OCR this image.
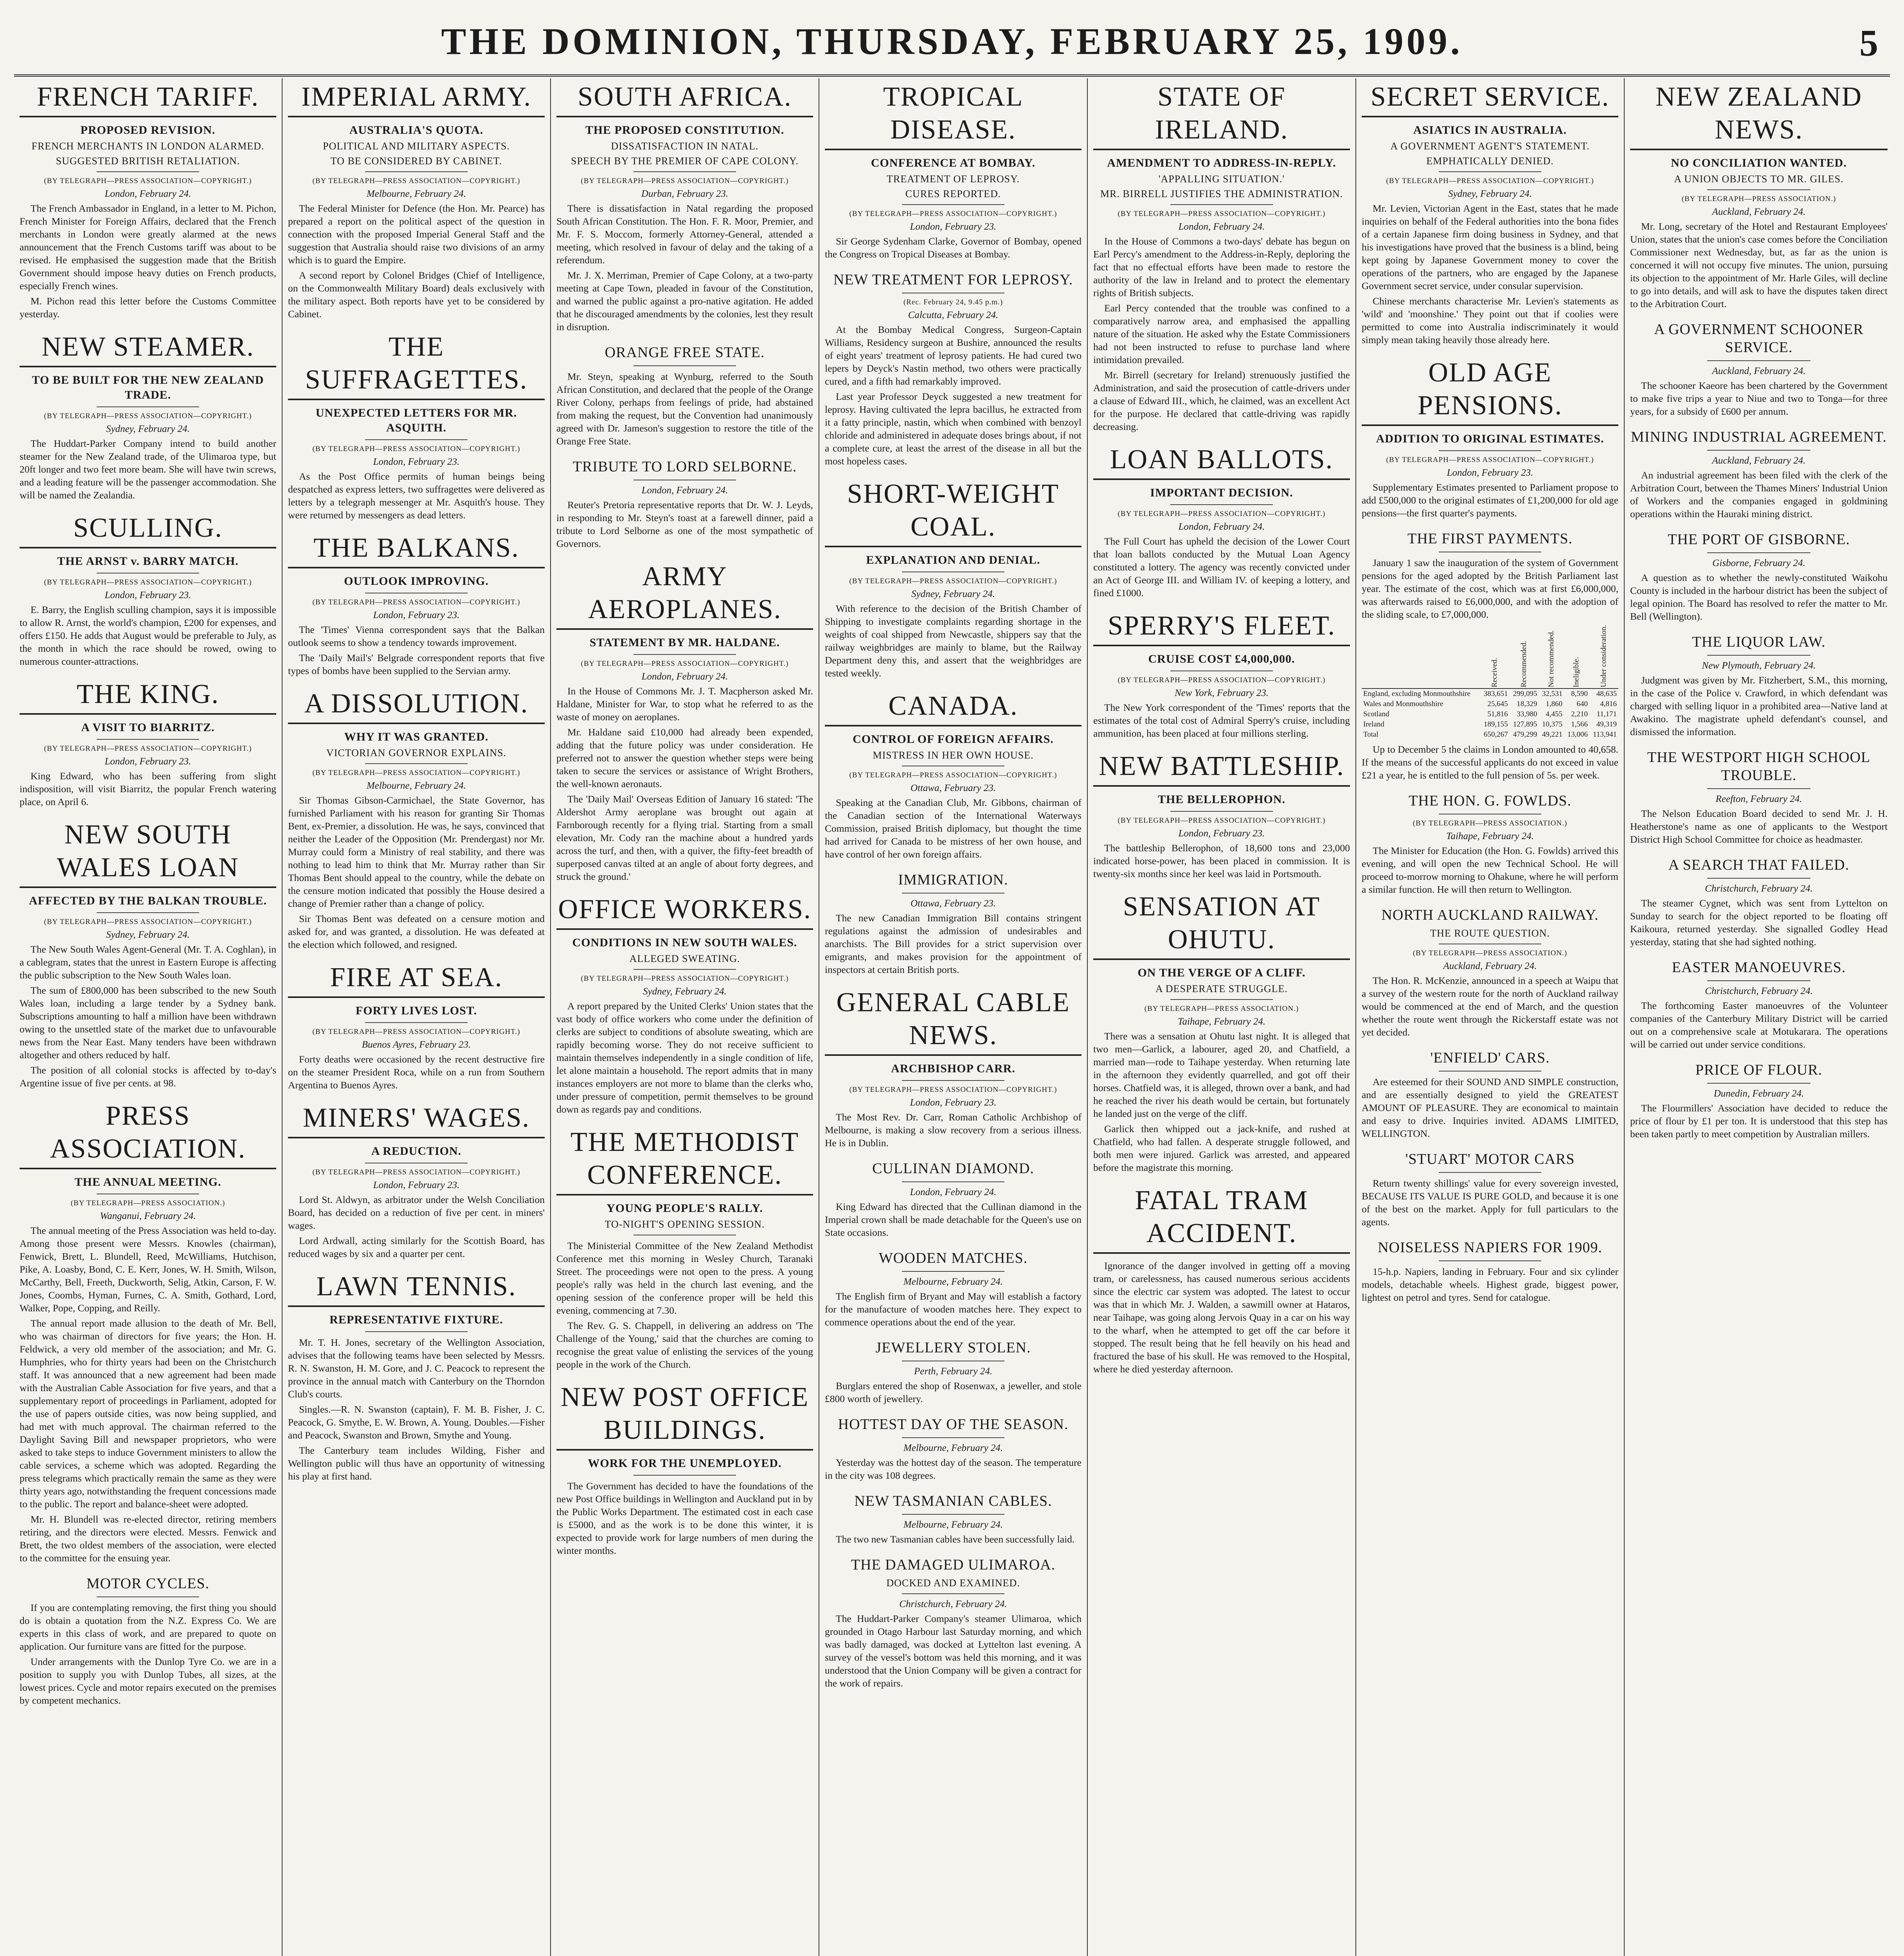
THE DOMINION, THURSDAY, FEBRUARY 25, 1909.	5
FRENCH TARIFF.
PROPOSED REVISION.
FRENCH MERCHANTS IN LONDON ALARMED.
SUGGESTED BRITISH RETALIATION.
(BY TELEGRAPH—PRESS ASSOCIATION—COPYRIGHT.)
London, February 24.

The French Ambassador in England, in a letter to M. Pichon, French Minister for Foreign Affairs, declared that the French merchants in London were greatly alarmed at the news announcement that the French Customs tariff was about to be revised. He emphasised the suggestion made that the British Government should impose heavy duties on French products, especially French wines.

M. Pichon read this letter before the Customs Committee yesterday.

NEW STEAMER.
TO BE BUILT FOR THE NEW ZEALAND TRADE.
(BY TELEGRAPH—PRESS ASSOCIATION—COPYRIGHT.)
Sydney, February 24.

The Huddart-Parker Company intend to build another steamer for the New Zealand trade, of the Ulimaroa type, but 20ft longer and two feet more beam. She will have twin screws, and a leading feature will be the passenger accommodation. She will be named the Zealandia.

SCULLING.
THE ARNST v. BARRY MATCH.
(BY TELEGRAPH—PRESS ASSOCIATION—COPYRIGHT.)
London, February 23.

E. Barry, the English sculling champion, says it is impossible to allow R. Arnst, the world's champion, £200 for expenses, and offers £150. He adds that August would be preferable to July, as the month in which the race should be rowed, owing to numerous counter-attractions.

THE KING.
A VISIT TO BIARRITZ.
(BY TELEGRAPH—PRESS ASSOCIATION—COPYRIGHT.)
London, February 23.

King Edward, who has been suffering from slight indisposition, will visit Biarritz, the popular French watering place, on April 6.

NEW SOUTH WALES LOAN
AFFECTED BY THE BALKAN TROUBLE.
(BY TELEGRAPH—PRESS ASSOCIATION—COPYRIGHT.)
Sydney, February 24.

The New South Wales Agent-General (Mr. T. A. Coghlan), in a cablegram, states that the unrest in Eastern Europe is affecting the public subscription to the New South Wales loan.

The sum of £800,000 has been subscribed to the new South Wales loan, including a large tender by a Sydney bank. Subscriptions amounting to half a million have been withdrawn owing to the unsettled state of the market due to unfavourable news from the Near East. Many tenders have been withdrawn altogether and others reduced by half.

The position of all colonial stocks is affected by to-day's Argentine issue of five per cents. at 98.

PRESS ASSOCIATION.
THE ANNUAL MEETING.
(BY TELEGRAPH—PRESS ASSOCIATION.)
Wanganui, February 24.

The annual meeting of the Press Association was held to-day. Among those present were Messrs. Knowles (chairman), Fenwick, Brett, L. Blundell, Reed, McWilliams, Hutchison, Pike, A. Loasby, Bond, C. E. Kerr, Jones, W. H. Smith, Wilson, McCarthy, Bell, Freeth, Duckworth, Selig, Atkin, Carson, F. W. Jones, Coombs, Hyman, Furnes, C. A. Smith, Gothard, Lord, Walker, Pope, Copping, and Reilly.

The annual report made allusion to the death of Mr. Bell, who was chairman of directors for five years; the Hon. H. Feldwick, a very old member of the association; and Mr. G. Humphries, who for thirty years had been on the Christchurch staff. It was announced that a new agreement had been made with the Australian Cable Association for five years, and that a supplementary report of proceedings in Parliament, adopted for the use of papers outside cities, was now being supplied, and had met with much approval. The chairman referred to the Daylight Saving Bill and newspaper proprietors, who were asked to take steps to induce Government ministers to allow the cable services, a scheme which was adopted. Regarding the press telegrams which practically remain the same as they were thirty years ago, notwithstanding the frequent concessions made to the public. The report and balance-sheet were adopted.

Mr. H. Blundell was re-elected director, retiring members retiring, and the directors were elected. Messrs. Fenwick and Brett, the two oldest members of the association, were elected to the committee for the ensuing year.

MOTOR CYCLES.

If you are contemplating removing, the first thing you should do is obtain a quotation from the N.Z. Express Co. We are experts in this class of work, and are prepared to quote on application. Our furniture vans are fitted for the purpose.

Under arrangements with the Dunlop Tyre Co. we are in a position to supply you with Dunlop Tubes, all sizes, at the lowest prices. Cycle and motor repairs executed on the premises by competent mechanics.

IMPERIAL ARMY.
AUSTRALIA'S QUOTA.
POLITICAL AND MILITARY ASPECTS.
TO BE CONSIDERED BY CABINET.
(BY TELEGRAPH—PRESS ASSOCIATION—COPYRIGHT.)
Melbourne, February 24.

The Federal Minister for Defence (the Hon. Mr. Pearce) has prepared a report on the political aspect of the question in connection with the proposed Imperial General Staff and the suggestion that Australia should raise two divisions of an army which is to guard the Empire.

A second report by Colonel Bridges (Chief of Intelligence, on the Commonwealth Military Board) deals exclusively with the military aspect. Both reports have yet to be considered by Cabinet.

THE SUFFRAGETTES.
UNEXPECTED LETTERS FOR MR. ASQUITH.
(BY TELEGRAPH—PRESS ASSOCIATION—COPYRIGHT.)
London, February 23.

As the Post Office permits of human beings being despatched as express letters, two suffragettes were delivered as letters by a telegraph messenger at Mr. Asquith's house. They were returned by messengers as dead letters.

THE BALKANS.
OUTLOOK IMPROVING.
(BY TELEGRAPH—PRESS ASSOCIATION—COPYRIGHT.)
London, February 23.

The 'Times' Vienna correspondent says that the Balkan outlook seems to show a tendency towards improvement.

The 'Daily Mail's' Belgrade correspondent reports that five types of bombs have been supplied to the Servian army.

A DISSOLUTION.
WHY IT WAS GRANTED.
VICTORIAN GOVERNOR EXPLAINS.
(BY TELEGRAPH—PRESS ASSOCIATION—COPYRIGHT.)
Melbourne, February 24.

Sir Thomas Gibson-Carmichael, the State Governor, has furnished Parliament with his reason for granting Sir Thomas Bent, ex-Premier, a dissolution. He was, he says, convinced that neither the Leader of the Opposition (Mr. Prendergast) nor Mr. Murray could form a Ministry of real stability, and there was nothing to lead him to think that Mr. Murray rather than Sir Thomas Bent should appeal to the country, while the debate on the censure motion indicated that possibly the House desired a change of Premier rather than a change of policy.

Sir Thomas Bent was defeated on a censure motion and asked for, and was granted, a dissolution. He was defeated at the election which followed, and resigned.

FIRE AT SEA.
FORTY LIVES LOST.
(BY TELEGRAPH—PRESS ASSOCIATION—COPYRIGHT.)
Buenos Ayres, February 23.

Forty deaths were occasioned by the recent destructive fire on the steamer President Roca, while on a run from Southern Argentina to Buenos Ayres.

MINERS' WAGES.
A REDUCTION.
(BY TELEGRAPH—PRESS ASSOCIATION—COPYRIGHT.)
London, February 23.

Lord St. Aldwyn, as arbitrator under the Welsh Conciliation Board, has decided on a reduction of five per cent. in miners' wages.

Lord Ardwall, acting similarly for the Scottish Board, has reduced wages by six and a quarter per cent.

LAWN TENNIS.
REPRESENTATIVE FIXTURE.

Mr. T. H. Jones, secretary of the Wellington Association, advises that the following teams have been selected by Messrs. R. N. Swanston, H. M. Gore, and J. C. Peacock to represent the province in the annual match with Canterbury on the Thorndon Club's courts.

Singles.—R. N. Swanston (captain), F. M. B. Fisher, J. C. Peacock, G. Smythe, E. W. Brown, A. Young. Doubles.—Fisher and Peacock, Swanston and Brown, Smythe and Young.

The Canterbury team includes Wilding, Fisher and Wellington public will thus have an opportunity of witnessing his play at first hand.

SOUTH AFRICA.
THE PROPOSED CONSTITUTION.
DISSATISFACTION IN NATAL.
SPEECH BY THE PREMIER OF CAPE COLONY.
(BY TELEGRAPH—PRESS ASSOCIATION—COPYRIGHT.)
Durban, February 23.

There is dissatisfaction in Natal regarding the proposed South African Constitution. The Hon. F. R. Moor, Premier, and Mr. F. S. Moccom, formerly Attorney-General, attended a meeting, which resolved in favour of delay and the taking of a referendum.

Mr. J. X. Merriman, Premier of Cape Colony, at a two-party meeting at Cape Town, pleaded in favour of the Constitution, and warned the public against a pro-native agitation. He added that he discouraged amendments by the colonies, lest they result in disruption.

ORANGE FREE STATE.

Mr. Steyn, speaking at Wynburg, referred to the South African Constitution, and declared that the people of the Orange River Colony, perhaps from feelings of pride, had abstained from making the request, but the Convention had unanimously agreed with Dr. Jameson's suggestion to restore the title of the Orange Free State.

TRIBUTE TO LORD SELBORNE.
London, February 24.

Reuter's Pretoria representative reports that Dr. W. J. Leyds, in responding to Mr. Steyn's toast at a farewell dinner, paid a tribute to Lord Selborne as one of the most sympathetic of Governors.

ARMY AEROPLANES.
STATEMENT BY MR. HALDANE.
(BY TELEGRAPH—PRESS ASSOCIATION—COPYRIGHT.)
London, February 24.

In the House of Commons Mr. J. T. Macpherson asked Mr. Haldane, Minister for War, to stop what he referred to as the waste of money on aeroplanes.

Mr. Haldane said £10,000 had already been expended, adding that the future policy was under consideration. He preferred not to answer the question whether steps were being taken to secure the services or assistance of Wright Brothers, the well-known aeronauts.

The 'Daily Mail' Overseas Edition of January 16 stated: 'The Aldershot Army aeroplane was brought out again at Farnborough recently for a flying trial. Starting from a small elevation, Mr. Cody ran the machine about a hundred yards across the turf, and then, with a quiver, the fifty-feet breadth of superposed canvas tilted at an angle of about forty degrees, and struck the ground.'

OFFICE WORKERS.
CONDITIONS IN NEW SOUTH WALES.
ALLEGED SWEATING.
(BY TELEGRAPH—PRESS ASSOCIATION—COPYRIGHT.)
Sydney, February 24.

A report prepared by the United Clerks' Union states that the vast body of office workers who come under the definition of clerks are subject to conditions of absolute sweating, which are rapidly becoming worse. They do not receive sufficient to maintain themselves independently in a single condition of life, let alone maintain a household. The report admits that in many instances employers are not more to blame than the clerks who, under pressure of competition, permit themselves to be ground down as regards pay and conditions.

THE METHODIST CONFERENCE.
YOUNG PEOPLE'S RALLY.
TO-NIGHT'S OPENING SESSION.

The Ministerial Committee of the New Zealand Methodist Conference met this morning in Wesley Church, Taranaki Street. The proceedings were not open to the press. A young people's rally was held in the church last evening, and the opening session of the conference proper will be held this evening, commencing at 7.30.

The Rev. G. S. Chappell, in delivering an address on 'The Challenge of the Young,' said that the churches are coming to recognise the great value of enlisting the services of the young people in the work of the Church.

NEW POST OFFICE BUILDINGS.
WORK FOR THE UNEMPLOYED.

The Government has decided to have the foundations of the new Post Office buildings in Wellington and Auckland put in by the Public Works Department. The estimated cost in each case is £5000, and as the work is to be done this winter, it is expected to provide work for large numbers of men during the winter months.

TROPICAL DISEASE.
CONFERENCE AT BOMBAY.
TREATMENT OF LEPROSY.
CURES REPORTED.
(BY TELEGRAPH—PRESS ASSOCIATION—COPYRIGHT.)
London, February 23.

Sir George Sydenham Clarke, Governor of Bombay, opened the Congress on Tropical Diseases at Bombay.

NEW TREATMENT FOR LEPROSY.
(Rec. February 24, 9.45 p.m.)
Calcutta, February 24.

At the Bombay Medical Congress, Surgeon-Captain Williams, Residency surgeon at Bushire, announced the results of eight years' treatment of leprosy patients. He had cured two lepers by Deyck's Nastin method, two others were practically cured, and a fifth had remarkably improved.

Last year Professor Deyck suggested a new treatment for leprosy. Having cultivated the lepra bacillus, he extracted from it a fatty principle, nastin, which when combined with benzoyl chloride and administered in adequate doses brings about, if not a complete cure, at least the arrest of the disease in all but the most hopeless cases.

SHORT-WEIGHT COAL.
EXPLANATION AND DENIAL.
(BY TELEGRAPH—PRESS ASSOCIATION—COPYRIGHT.)
Sydney, February 24.

With reference to the decision of the British Chamber of Shipping to investigate complaints regarding shortage in the weights of coal shipped from Newcastle, shippers say that the railway weighbridges are mainly to blame, but the Railway Department deny this, and assert that the weighbridges are tested weekly.

CANADA.
CONTROL OF FOREIGN AFFAIRS.
MISTRESS IN HER OWN HOUSE.
(BY TELEGRAPH—PRESS ASSOCIATION—COPYRIGHT.)
Ottawa, February 23.

Speaking at the Canadian Club, Mr. Gibbons, chairman of the Canadian section of the International Waterways Commission, praised British diplomacy, but thought the time had arrived for Canada to be mistress of her own house, and have control of her own foreign affairs.

IMMIGRATION.
Ottawa, February 23.

The new Canadian Immigration Bill contains stringent regulations against the admission of undesirables and anarchists. The Bill provides for a strict supervision over emigrants, and makes provision for the appointment of inspectors at certain British ports.

GENERAL CABLE NEWS.
ARCHBISHOP CARR.
(BY TELEGRAPH—PRESS ASSOCIATION—COPYRIGHT.)
London, February 23.

The Most Rev. Dr. Carr, Roman Catholic Archbishop of Melbourne, is making a slow recovery from a serious illness. He is in Dublin.

CULLINAN DIAMOND.
London, February 24.

King Edward has directed that the Cullinan diamond in the Imperial crown shall be made detachable for the Queen's use on State occasions.

WOODEN MATCHES.
Melbourne, February 24.

The English firm of Bryant and May will establish a factory for the manufacture of wooden matches here. They expect to commence operations about the end of the year.

JEWELLERY STOLEN.
Perth, February 24.

Burglars entered the shop of Rosenwax, a jeweller, and stole £800 worth of jewellery.

HOTTEST DAY OF THE SEASON.
Melbourne, February 24.

Yesterday was the hottest day of the season. The temperature in the city was 108 degrees.

NEW TASMANIAN CABLES.
Melbourne, February 24.

The two new Tasmanian cables have been successfully laid.

THE DAMAGED ULIMAROA.
DOCKED AND EXAMINED.
Christchurch, February 24.

The Huddart-Parker Company's steamer Ulimaroa, which grounded in Otago Harbour last Saturday morning, and which was badly damaged, was docked at Lyttelton last evening. A survey of the vessel's bottom was held this morning, and it was understood that the Union Company will be given a contract for the work of repairs.

STATE OF IRELAND.
AMENDMENT TO ADDRESS-IN-REPLY.
'APPALLING SITUATION.'
MR. BIRRELL JUSTIFIES THE ADMINISTRATION.
(BY TELEGRAPH—PRESS ASSOCIATION—COPYRIGHT.)
London, February 24.

In the House of Commons a two-days' debate has begun on Earl Percy's amendment to the Address-in-Reply, deploring the fact that no effectual efforts have been made to restore the authority of the law in Ireland and to protect the elementary rights of British subjects.

Earl Percy contended that the trouble was confined to a comparatively narrow area, and emphasised the appalling nature of the situation. He asked why the Estate Commissioners had not been instructed to refuse to purchase land where intimidation prevailed.

Mr. Birrell (secretary for Ireland) strenuously justified the Administration, and said the prosecution of cattle-drivers under a clause of Edward III., which, he claimed, was an excellent Act for the purpose. He declared that cattle-driving was rapidly decreasing.

LOAN BALLOTS.
IMPORTANT DECISION.
(BY TELEGRAPH—PRESS ASSOCIATION—COPYRIGHT.)
London, February 24.

The Full Court has upheld the decision of the Lower Court that loan ballots conducted by the Mutual Loan Agency constituted a lottery. The agency was recently convicted under an Act of George III. and William IV. of keeping a lottery, and fined £1000.

SPERRY'S FLEET.
CRUISE COST £4,000,000.
(BY TELEGRAPH—PRESS ASSOCIATION—COPYRIGHT.)
New York, February 23.

The New York correspondent of the 'Times' reports that the estimates of the total cost of Admiral Sperry's cruise, including ammunition, has been placed at four millions sterling.

NEW BATTLESHIP.
THE BELLEROPHON.
(BY TELEGRAPH—PRESS ASSOCIATION—COPYRIGHT.)
London, February 23.

The battleship Bellerophon, of 18,600 tons and 23,000 indicated horse-power, has been placed in commission. It is twenty-six months since her keel was laid in Portsmouth.

SENSATION AT OHUTU.
ON THE VERGE OF A CLIFF.
A DESPERATE STRUGGLE.
(BY TELEGRAPH—PRESS ASSOCIATION.)
Taihape, February 24.

There was a sensation at Ohutu last night. It is alleged that two men—Garlick, a labourer, aged 20, and Chatfield, a married man—rode to Taihape yesterday. When returning late in the afternoon they evidently quarrelled, and got off their horses. Chatfield was, it is alleged, thrown over a bank, and had he reached the river his death would be certain, but fortunately he landed just on the verge of the cliff.

Garlick then whipped out a jack-knife, and rushed at Chatfield, who had fallen. A desperate struggle followed, and both men were injured. Garlick was arrested, and appeared before the magistrate this morning.

FATAL TRAM ACCIDENT.

Ignorance of the danger involved in getting off a moving tram, or carelessness, has caused numerous serious accidents since the electric car system was adopted. The latest to occur was that in which Mr. J. Walden, a sawmill owner at Hataros, near Taihape, was going along Jervois Quay in a car on his way to the wharf, when he attempted to get off the car before it stopped. The result being that he fell heavily on his head and fractured the base of his skull. He was removed to the Hospital, where he died yesterday afternoon.

SECRET SERVICE.
ASIATICS IN AUSTRALIA.
A GOVERNMENT AGENT'S STATEMENT.
EMPHATICALLY DENIED.
(BY TELEGRAPH—PRESS ASSOCIATION—COPYRIGHT.)
Sydney, February 24.

Mr. Levien, Victorian Agent in the East, states that he made inquiries on behalf of the Federal authorities into the bona fides of a certain Japanese firm doing business in Sydney, and that his investigations have proved that the business is a blind, being kept going by Japanese Government money to cover the operations of the partners, who are engaged by the Japanese Government secret service, under consular supervision.

Chinese merchants characterise Mr. Levien's statements as 'wild' and 'moonshine.' They point out that if coolies were permitted to come into Australia indiscriminately it would simply mean taking heavily those already here.

OLD AGE PENSIONS.
ADDITION TO ORIGINAL ESTIMATES.
(BY TELEGRAPH—PRESS ASSOCIATION—COPYRIGHT.)
London, February 23.

Supplementary Estimates presented to Parliament propose to add £500,000 to the original estimates of £1,200,000 for old age pensions—the first quarter's payments.

THE FIRST PAYMENTS.

January 1 saw the inauguration of the system of Government pensions for the aged adopted by the British Parliament last year. The estimate of the cost, which was at first £6,000,000, was afterwards raised to £6,000,000, and with the adoption of the sliding scale, to £7,000,000.

	Received.	Recommended.	Not recommended.	Ineligible.	Under consideration.
England, excluding Monmouthshire	383,651	299,095	32,531	8,590	48,635
Wales and Monmouthshire	25,645	18,329	1,860	640	4,816
Scotland	51,816	33,980	4,455	2,210	11,171
Ireland	189,155	127,895	10,375	1,566	49,319
Total	650,267	479,299	49,221	13,006	113,941

Up to December 5 the claims in London amounted to 40,658. If the means of the successful applicants do not exceed in value £21 a year, he is entitled to the full pension of 5s. per week.

THE HON. G. FOWLDS.
(BY TELEGRAPH—PRESS ASSOCIATION.)
Taihape, February 24.

The Minister for Education (the Hon. G. Fowlds) arrived this evening, and will open the new Technical School. He will proceed to-morrow morning to Ohakune, where he will perform a similar function. He will then return to Wellington.

NORTH AUCKLAND RAILWAY.
THE ROUTE QUESTION.
(BY TELEGRAPH—PRESS ASSOCIATION.)
Auckland, February 24.

The Hon. R. McKenzie, announced in a speech at Waipu that a survey of the western route for the north of Auckland railway would be commenced at the end of March, and the question whether the route went through the Rickerstaff estate was not yet decided.

'ENFIELD' CARS.

Are esteemed for their SOUND AND SIMPLE construction, and are essentially designed to yield the GREATEST AMOUNT OF PLEASURE. They are economical to maintain and easy to drive. Inquiries invited. ADAMS LIMITED, WELLINGTON.

'STUART' MOTOR CARS

Return twenty shillings' value for every sovereign invested, BECAUSE ITS VALUE IS PURE GOLD, and because it is one of the best on the market. Apply for full particulars to the agents.

NOISELESS NAPIERS FOR 1909.

15-h.p. Napiers, landing in February. Four and six cylinder models, detachable wheels. Highest grade, biggest power, lightest on petrol and tyres. Send for catalogue.

NEW ZEALAND NEWS.
NO CONCILIATION WANTED.
A UNION OBJECTS TO MR. GILES.
(BY TELEGRAPH—PRESS ASSOCIATION.)
Auckland, February 24.

Mr. Long, secretary of the Hotel and Restaurant Employees' Union, states that the union's case comes before the Conciliation Commissioner next Wednesday, but, as far as the union is concerned it will not occupy five minutes. The union, pursuing its objection to the appointment of Mr. Harle Giles, will decline to go into details, and will ask to have the disputes taken direct to the Arbitration Court.

A GOVERNMENT SCHOONER SERVICE.
Auckland, February 24.

The schooner Kaeore has been chartered by the Government to make five trips a year to Niue and two to Tonga—for three years, for a subsidy of £600 per annum.

MINING INDUSTRIAL AGREEMENT.
Auckland, February 24.

An industrial agreement has been filed with the clerk of the Arbitration Court, between the Thames Miners' Industrial Union of Workers and the companies engaged in goldmining operations within the Hauraki mining district.

THE PORT OF GISBORNE.
Gisborne, February 24.

A question as to whether the newly-constituted Waikohu County is included in the harbour district has been the subject of legal opinion. The Board has resolved to refer the matter to Mr. Bell (Wellington).

THE LIQUOR LAW.
New Plymouth, February 24.

Judgment was given by Mr. Fitzherbert, S.M., this morning, in the case of the Police v. Crawford, in which defendant was charged with selling liquor in a prohibited area—Native land at Awakino. The magistrate upheld defendant's counsel, and dismissed the information.

THE WESTPORT HIGH SCHOOL TROUBLE.
Reefton, February 24.

The Nelson Education Board decided to send Mr. J. H. Heatherstone's name as one of applicants to the Westport District High School Committee for choice as headmaster.

A SEARCH THAT FAILED.
Christchurch, February 24.

The steamer Cygnet, which was sent from Lyttelton on Sunday to search for the object reported to be floating off Kaikoura, returned yesterday. She signalled Godley Head yesterday, stating that she had sighted nothing.

EASTER MANOEUVRES.
Christchurch, February 24.

The forthcoming Easter manoeuvres of the Volunteer companies of the Canterbury Military District will be carried out on a comprehensive scale at Motukarara. The operations will be carried out under service conditions.

PRICE OF FLOUR.
Dunedin, February 24.

The Flourmillers' Association have decided to reduce the price of flour by £1 per ton. It is understood that this step has been taken partly to meet competition by Australian millers.
